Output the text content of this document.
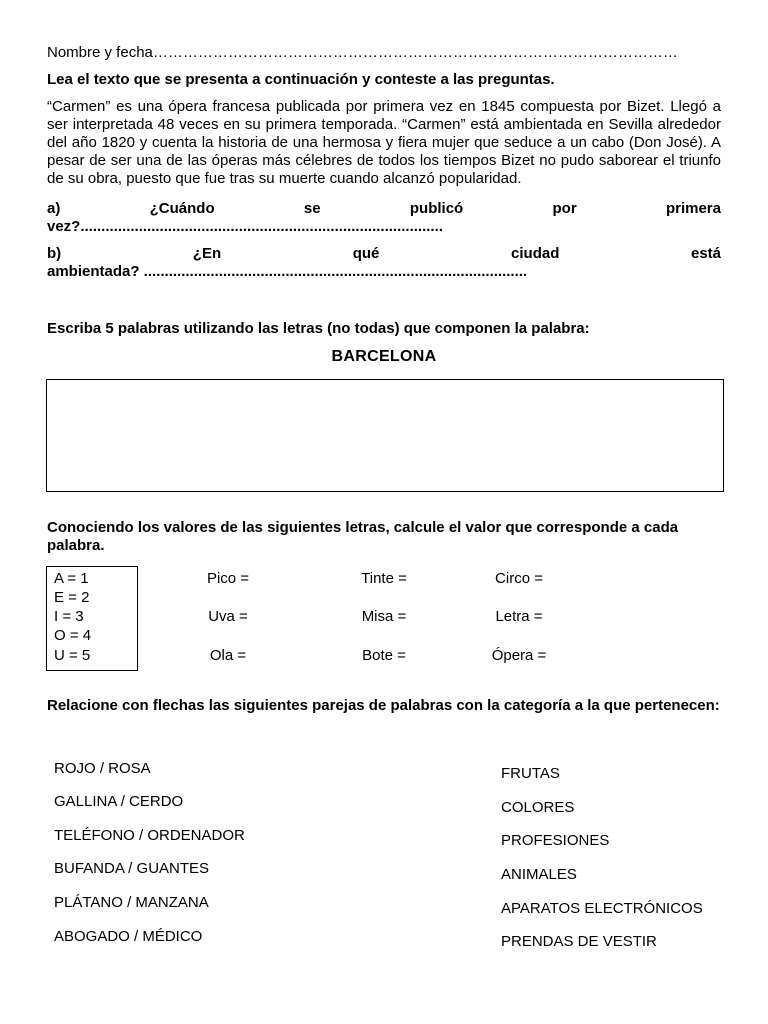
Nombre y fecha……………………………………………………………………………………………
Lea el texto que se presenta a continuación y conteste a las preguntas.
“Carmen” es una ópera francesa publicada por primera vez en 1845 compuesta por Bizet. Llegó a ser interpretada 48 veces en su primera temporada. “Carmen” está ambientada en Sevilla alrededor del año 1820 y cuenta la historia de una hermosa y fiera mujer que seduce a un cabo (Don José). A pesar de ser una de las óperas más célebres de todos los tiempos Bizet no pudo saborear el triunfo de su obra, puesto que fue tras su muerte cuando alcanzó popularidad.
a) ¿Cuándo se publicó por primera
vez?.......................................................................................
b) ¿En qué ciudad está
ambientada? ............................................................................................
Escriba 5 palabras utilizando las letras (no todas) que componen la palabra:
BARCELONA
Conociendo los valores de las siguientes letras, calcule el valor que corresponde a cada palabra.
A = 1
E = 2
I = 3
O = 4
U = 5
Pico =	Tinte =	Circo =
Uva =	Misa =	Letra =
Ola =	Bote =	Ópera =
Relacione con flechas las siguientes parejas de palabras con la categoría a la que pertenecen:
ROJO / ROSA
GALLINA / CERDO
TELÉFONO / ORDENADOR
BUFANDA / GUANTES
PLÁTANO / MANZANA
ABOGADO / MÉDICO
FRUTAS
COLORES
PROFESIONES
ANIMALES
APARATOS ELECTRÓNICOS
PRENDAS DE VESTIR
